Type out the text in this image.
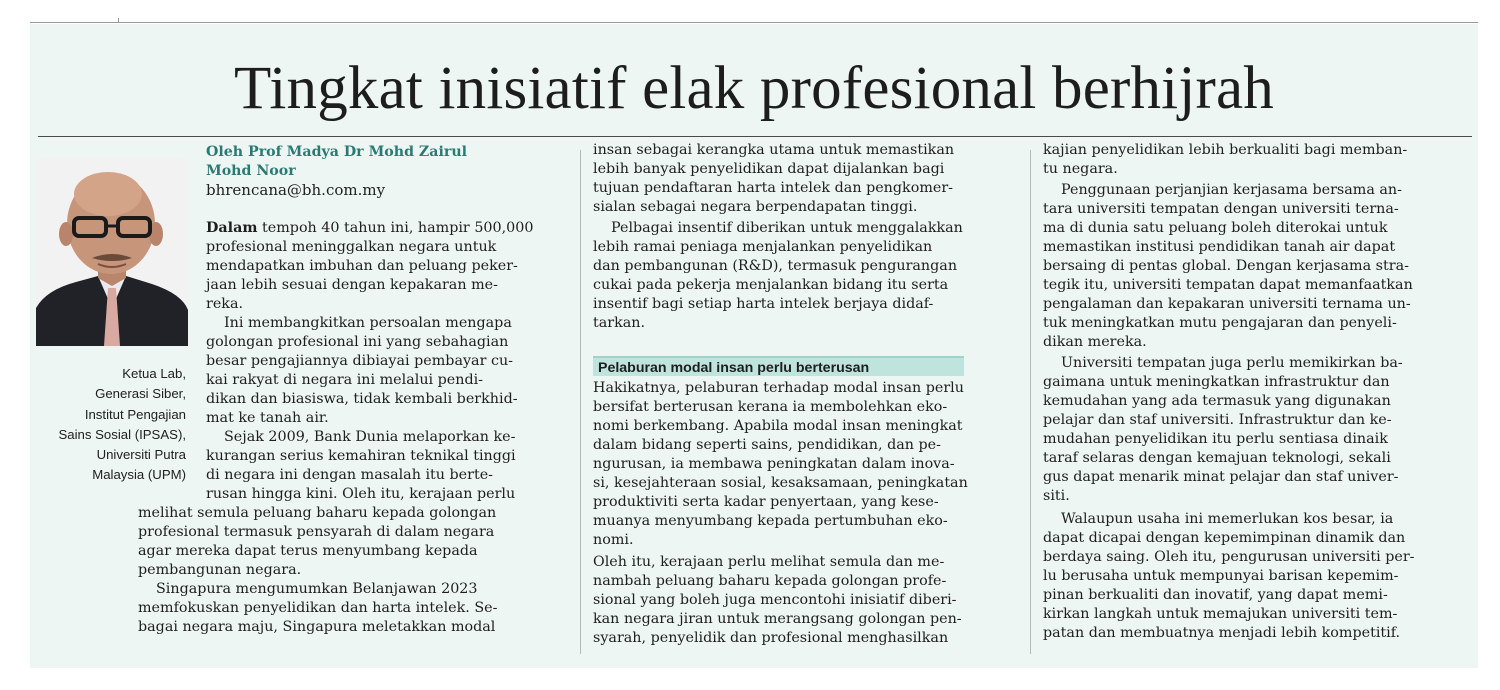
Tingkat inisiatif elak profesional berhijrah
Ketua Lab,
Generasi Siber,
Institut Pengajian
Sains Sosial (IPSAS),
Universiti Putra
Malaysia (UPM)
Oleh Prof Madya Dr Mohd Zairul
Mohd Noor
bhrencana@bh.com.my
Dalam tempoh 40 tahun ini, hampir 500,000
profesional meninggalkan negara untuk
mendapatkan imbuhan dan peluang peker-
jaan lebih sesuai dengan kepakaran me-
reka.
Ini membangkitkan persoalan mengapa
golongan profesional ini yang sebahagian
besar pengajiannya dibiayai pembayar cu-
kai rakyat di negara ini melalui pendi-
dikan dan biasiswa, tidak kembali berkhid-
mat ke tanah air.
Sejak 2009, Bank Dunia melaporkan ke-
kurangan serius kemahiran teknikal tinggi
di negara ini dengan masalah itu berte-
rusan hingga kini. Oleh itu, kerajaan perlu
melihat semula peluang baharu kepada golongan
profesional termasuk pensyarah di dalam negara
agar mereka dapat terus menyumbang kepada
pembangunan negara.
Singapura mengumumkan Belanjawan 2023
memfokuskan penyelidikan dan harta intelek. Se-
bagai negara maju, Singapura meletakkan modal
insan sebagai kerangka utama untuk memastikan
lebih banyak penyelidikan dapat dijalankan bagi
tujuan pendaftaran harta intelek dan pengkomer-
sialan sebagai negara berpendapatan tinggi.
Pelbagai insentif diberikan untuk menggalakkan
lebih ramai peniaga menjalankan penyelidikan
dan pembangunan (R&D), termasuk pengurangan
cukai pada pekerja menjalankan bidang itu serta
insentif bagi setiap harta intelek berjaya didaf-
tarkan.
Pelaburan modal insan perlu berterusan
Hakikatnya, pelaburan terhadap modal insan perlu
bersifat berterusan kerana ia membolehkan eko-
nomi berkembang. Apabila modal insan meningkat
dalam bidang seperti sains, pendidikan, dan pe-
ngurusan, ia membawa peningkatan dalam inova-
si, kesejahteraan sosial, kesaksamaan, peningkatan
produktiviti serta kadar penyertaan, yang kese-
muanya menyumbang kepada pertumbuhan eko-
nomi.
Oleh itu, kerajaan perlu melihat semula dan me-
nambah peluang baharu kepada golongan profe-
sional yang boleh juga mencontohi inisiatif diberi-
kan negara jiran untuk merangsang golongan pen-
syarah, penyelidik dan profesional menghasilkan
kajian penyelidikan lebih berkualiti bagi memban-
tu negara.
Penggunaan perjanjian kerjasama bersama an-
tara universiti tempatan dengan universiti terna-
ma di dunia satu peluang boleh diterokai untuk
memastikan institusi pendidikan tanah air dapat
bersaing di pentas global. Dengan kerjasama stra-
tegik itu, universiti tempatan dapat memanfaatkan
pengalaman dan kepakaran universiti ternama un-
tuk meningkatkan mutu pengajaran dan penyeli-
dikan mereka.
Universiti tempatan juga perlu memikirkan ba-
gaimana untuk meningkatkan infrastruktur dan
kemudahan yang ada termasuk yang digunakan
pelajar dan staf universiti. Infrastruktur dan ke-
mudahan penyelidikan itu perlu sentiasa dinaik
taraf selaras dengan kemajuan teknologi, sekali
gus dapat menarik minat pelajar dan staf univer-
siti.
Walaupun usaha ini memerlukan kos besar, ia
dapat dicapai dengan kepemimpinan dinamik dan
berdaya saing. Oleh itu, pengurusan universiti per-
lu berusaha untuk mempunyai barisan kepemim-
pinan berkualiti dan inovatif, yang dapat memi-
kirkan langkah untuk memajukan universiti tem-
patan dan membuatnya menjadi lebih kompetitif.
